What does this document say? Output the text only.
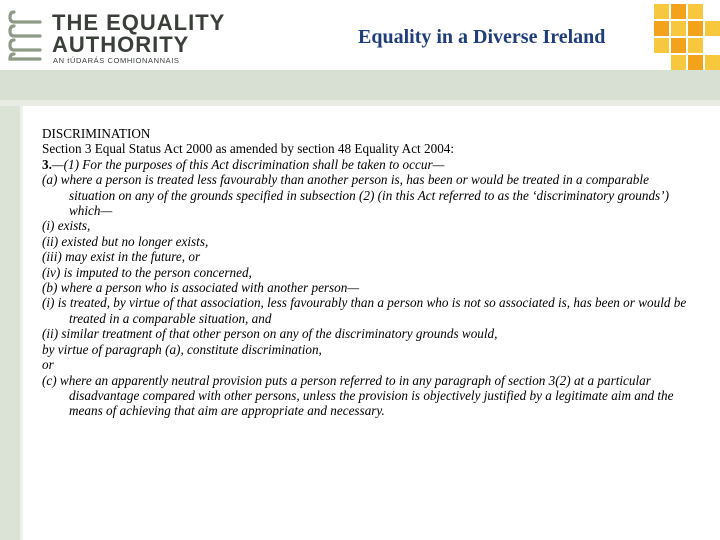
THE EQUALITY
AUTHORITY
AN tÚDARÁS COMHIONANNAIS
Equality in a Diverse Ireland

DISCRIMINATION

Section 3 Equal Status Act 2000 as amended by section 48 Equality Act 2004:

3.—(1) For the purposes of this Act discrimination shall be taken to occur—

(a) where a person is treated less favourably than another person is, has been or would be treated in a comparable situation on any of the grounds specified in subsection (2) (in this Act referred to as the ‘discriminatory grounds’) which—

(i) exists,

(ii) existed but no longer exists,

(iii) may exist in the future, or

(iv) is imputed to the person concerned,

(b) where a person who is associated with another person—

(i) is treated, by virtue of that association, less favourably than a person who is not so associated is, has been or would be treated in a comparable situation, and

(ii) similar treatment of that other person on any of the discriminatory grounds would,

by virtue of paragraph (a), constitute discrimination,

or

(c) where an apparently neutral provision puts a person referred to in any paragraph of section 3(2) at a particular disadvantage compared with other persons, unless the provision is objectively justified by a legitimate aim and the means of achieving that aim are appropriate and necessary.
